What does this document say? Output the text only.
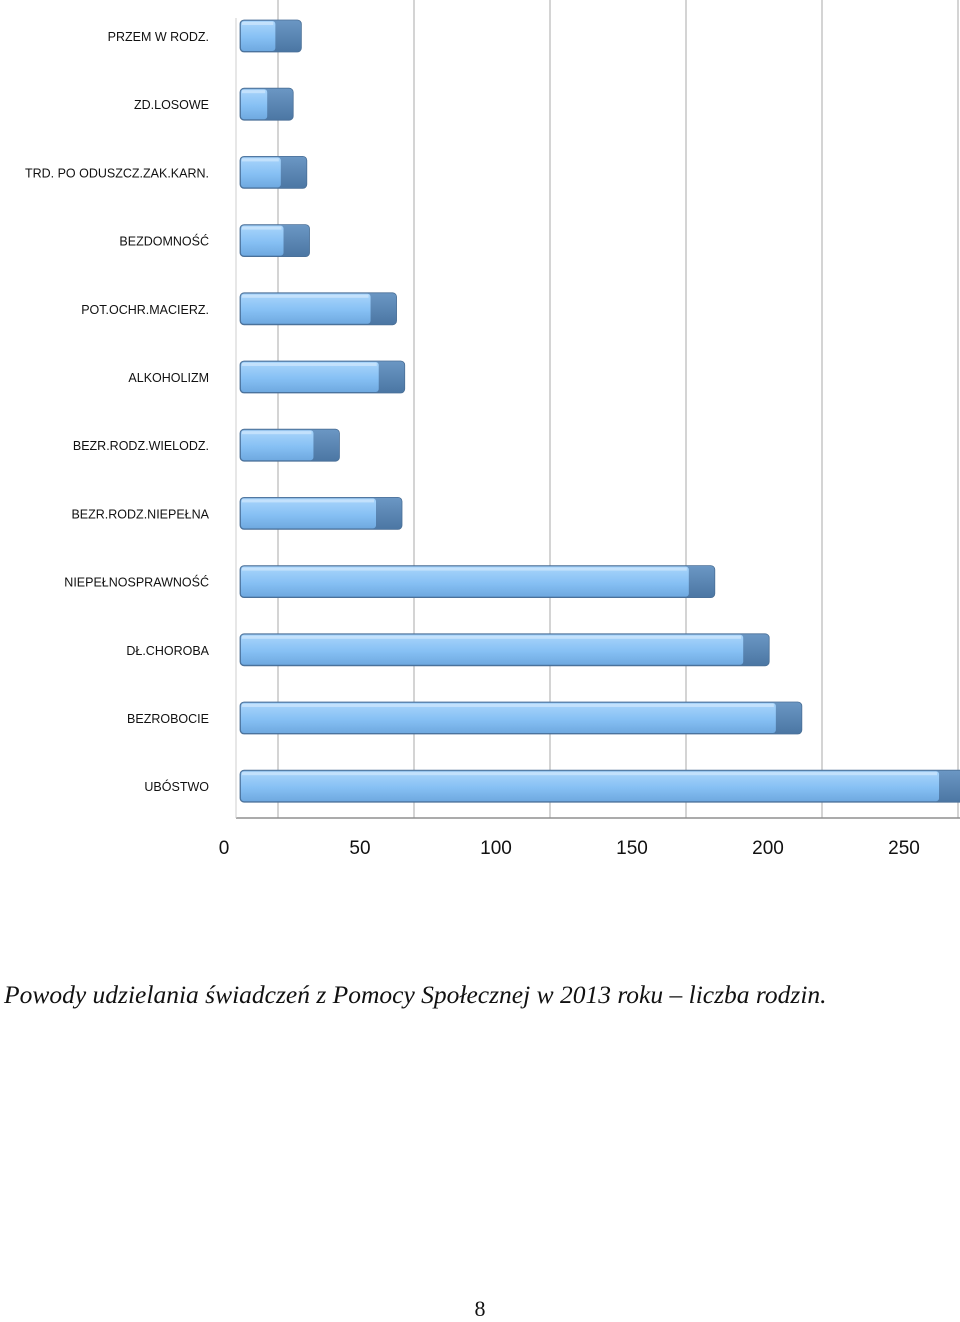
PRZEM W RODZ.
ZD.LOSOWE
TRD. PO ODUSZCZ.ZAK.KARN.
BEZDOMNOŚĆ
POT.OCHR.MACIERZ.
ALKOHOLIZM
BEZR.RODZ.WIELODZ.
BEZR.RODZ.NIEPEŁNA
NIEPEŁNOSPRAWNOŚĆ
DŁ.CHOROBA
BEZROBOCIE
UBÓSTWO
0	50	100	150	200	250
Powody udzielania świadczeń z Pomocy Społecznej w 2013 roku – liczba rodzin.
8
